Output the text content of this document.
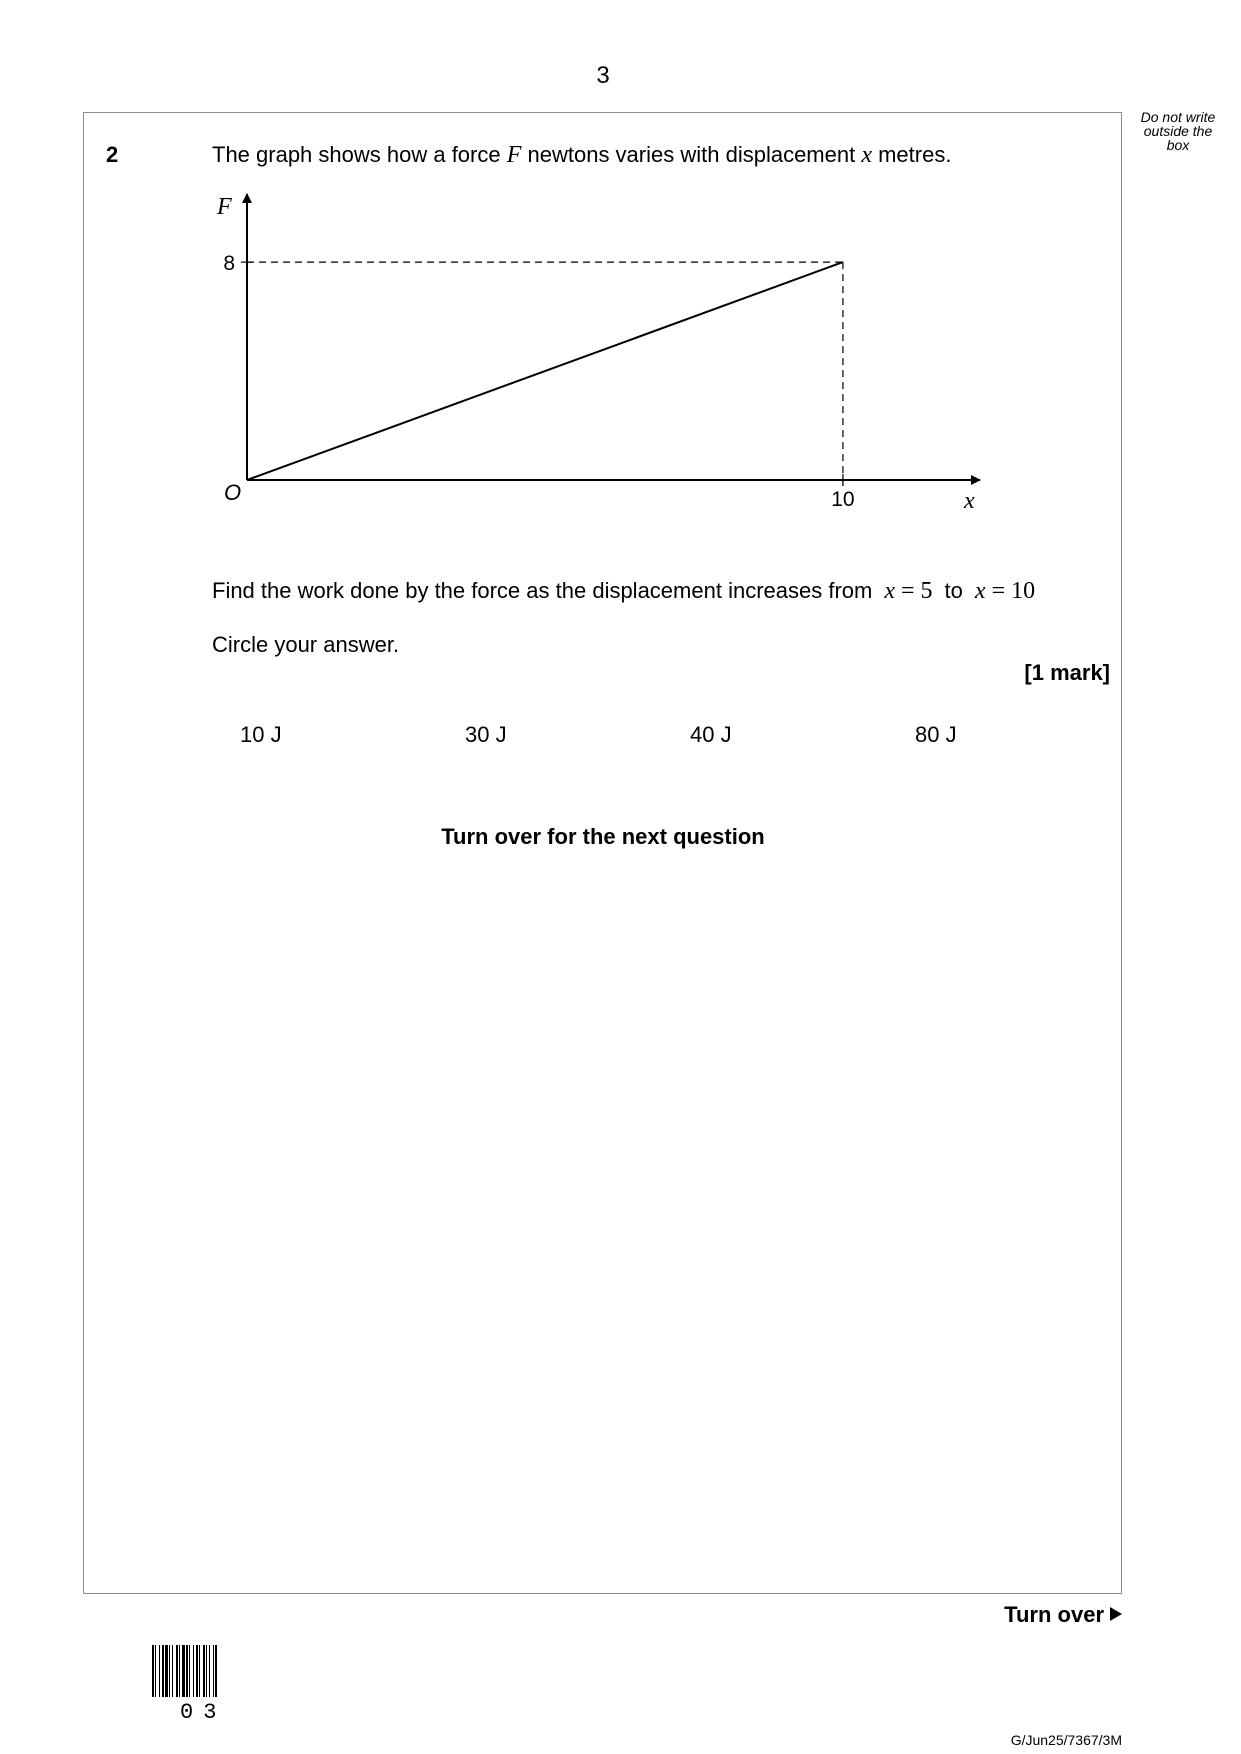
3
Do not write
outside the
box
2	The graph shows how a force F newtons varies with displacement x metres.
F
x
O	10
8
Find the work done by the force as the displacement increases from x = 5 to x = 10
Circle your answer.
[1 mark]
10 J	30 J	40 J	80 J
Turn over for the next question
Turn over
03
G/Jun25/7367/3M
